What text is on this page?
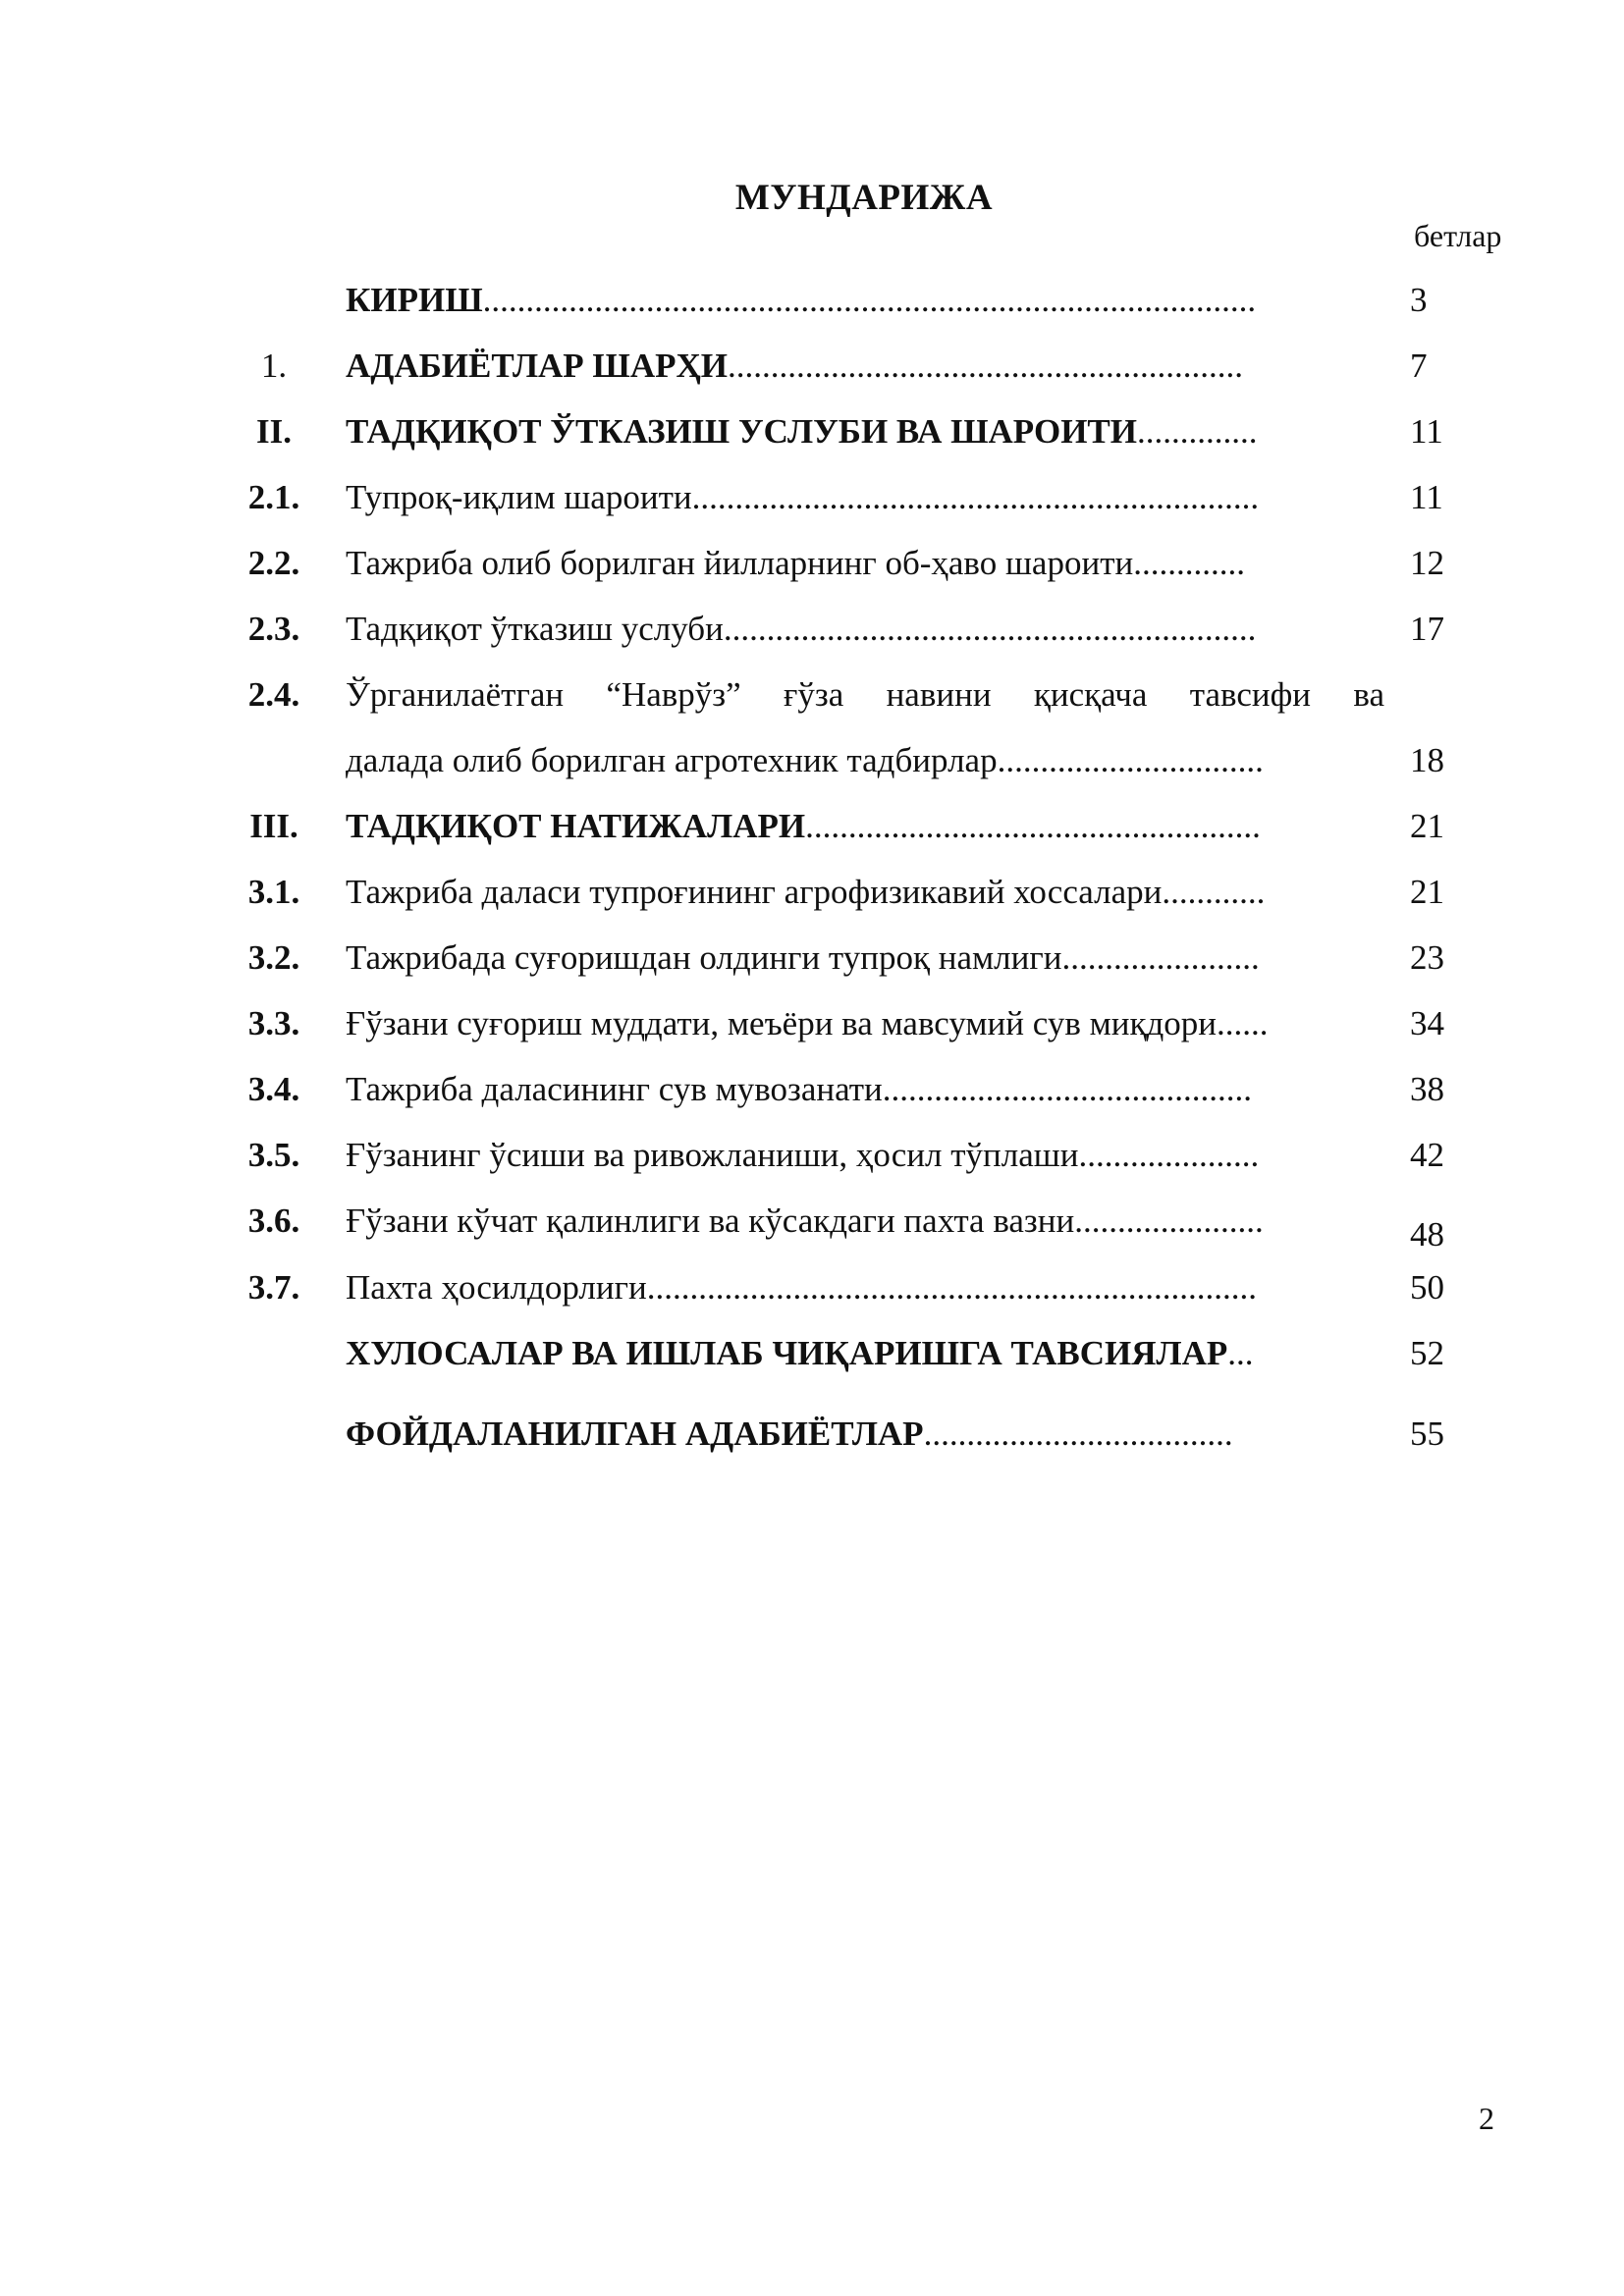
МУНДАРИЖА
бетлар
КИРИШ..........................................................................................	3
1.	АДАБИЁТЛАР ШАРҲИ............................................................	7
II.	ТАДҚИҚОТ ЎТКАЗИШ УСЛУБИ ВА ШАРОИТИ..............	11
2.1. Тупроқ-иқлим шароити..................................................................	11
2.2. Тажриба олиб борилган йилларнинг об-ҳаво шароити.............	12
2.3. Тадқиқот ўтказиш услуби..............................................................	17
2.4. Ўрганилаётган “Наврўз” ғўза навини қисқача тавсифи ва
далада олиб борилган агротехник тадбирлар...............................	18
III. ТАДҚИҚОТ НАТИЖАЛАРИ.....................................................	21
3.1. Тажриба даласи тупроғининг агрофизикавий хоссалари............	21
3.2. Тажрибада суғоришдан олдинги тупроқ намлиги.......................	23
3.3. Ғўзани суғориш муддати, меъёри ва мавсумий сув миқдори......	34
3.4. Тажриба даласининг сув мувозанати...........................................	38
3.5. Ғўзанинг ўсиши ва ривожланиши, ҳосил тўплаши.....................	42
3.6. Ғўзани кўчат қалинлиги ва кўсакдаги пахта вазни......................	48
3.7. Пахта ҳосилдорлиги.......................................................................	50
ХУЛОСАЛАР ВА ИШЛАБ ЧИҚАРИШГА ТАВСИЯЛАР...	52
ФОЙДАЛАНИЛГАН АДАБИЁТЛАР....................................	55
2
